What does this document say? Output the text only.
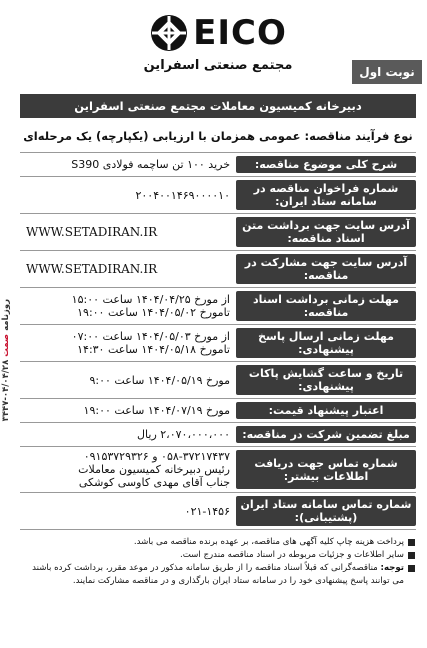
روزنامه صمت ۰۴/۰۴/۲۸-۳۴۴۷
EICO
مجتمع صنعتی اسفراین	نوبت اول
دبیرخانه کمیسیون معاملات مجتمع صنعتی اسفراین
نوع فرآیند مناقصه: عمومی همزمان با ارزیابی (یکپارچه) یک مرحله‌ای
شرح کلی موضوع مناقصه:
خرید ۱۰۰ تن ساچمه فولادی S390
شماره فراخوان مناقصه در سامانه ستاد ایران:
۲۰۰۴۰۰۱۴۶۹۰۰۰۰۱۰
آدرس سایت جهت برداشت متن اسناد مناقصه:
WWW.SETADIRAN.IR
آدرس سایت جهت مشارکت در مناقصه:
WWW.SETADIRAN.IR
مهلت زمانی برداشت اسناد مناقصه:
از مورخ ۱۴۰۴/۰۴/۲۵ ساعت ۱۵:۰۰
تامورخ ۱۴۰۴/۰۵/۰۲ ساعت ۱۹:۰۰
مهلت زمانی ارسال پاسخ پیشنهادی:
از مورخ ۱۴۰۴/۰۵/۰۳ ساعت ۰۷:۰۰
تامورخ ۱۴۰۴/۰۵/۱۸ ساعت ۱۴:۳۰
تاریخ و ساعت گشایش پاکات پیشنهادی:
مورخ ۱۴۰۴/۰۵/۱۹ ساعت ۹:۰۰
اعتبار پیشنهاد قیمت:
مورخ ۱۴۰۴/۰۷/۱۹ ساعت ۱۹:۰۰
مبلغ تضمین شرکت در مناقصه:
۲،۰۷۰،۰۰۰،۰۰۰ ریال
شماره تماس جهت دریافت اطلاعات بیشتر:
۰۵۸-۳۷۲۱۷۴۳۷ و ۰۹۱۵۳۷۲۹۳۲۶
رئیس دبیرخانه کمیسیون معاملات
جناب آقای مهدی کاوسی کوشکی
شماره تماس سامانه ستاد ایران (پشتیبانی):
۰۲۱-۱۴۵۶
پرداخت هزینه چاپ کلیه آگهی های مناقصه، بر عهده برنده مناقصه می باشد.
سایر اطلاعات و جزئیات مربوطه در اسناد مناقصه مندرج است.
توجه: مناقصه‌گرانی که قبلاً اسناد مناقصه را از طریق سامانه مذکور در موعد مقرر، برداشت کرده باشند می توانند پاسخ پیشنهادی خود را در سامانه ستاد ایران بارگذاری و در مناقصه مشارکت نمایند.
